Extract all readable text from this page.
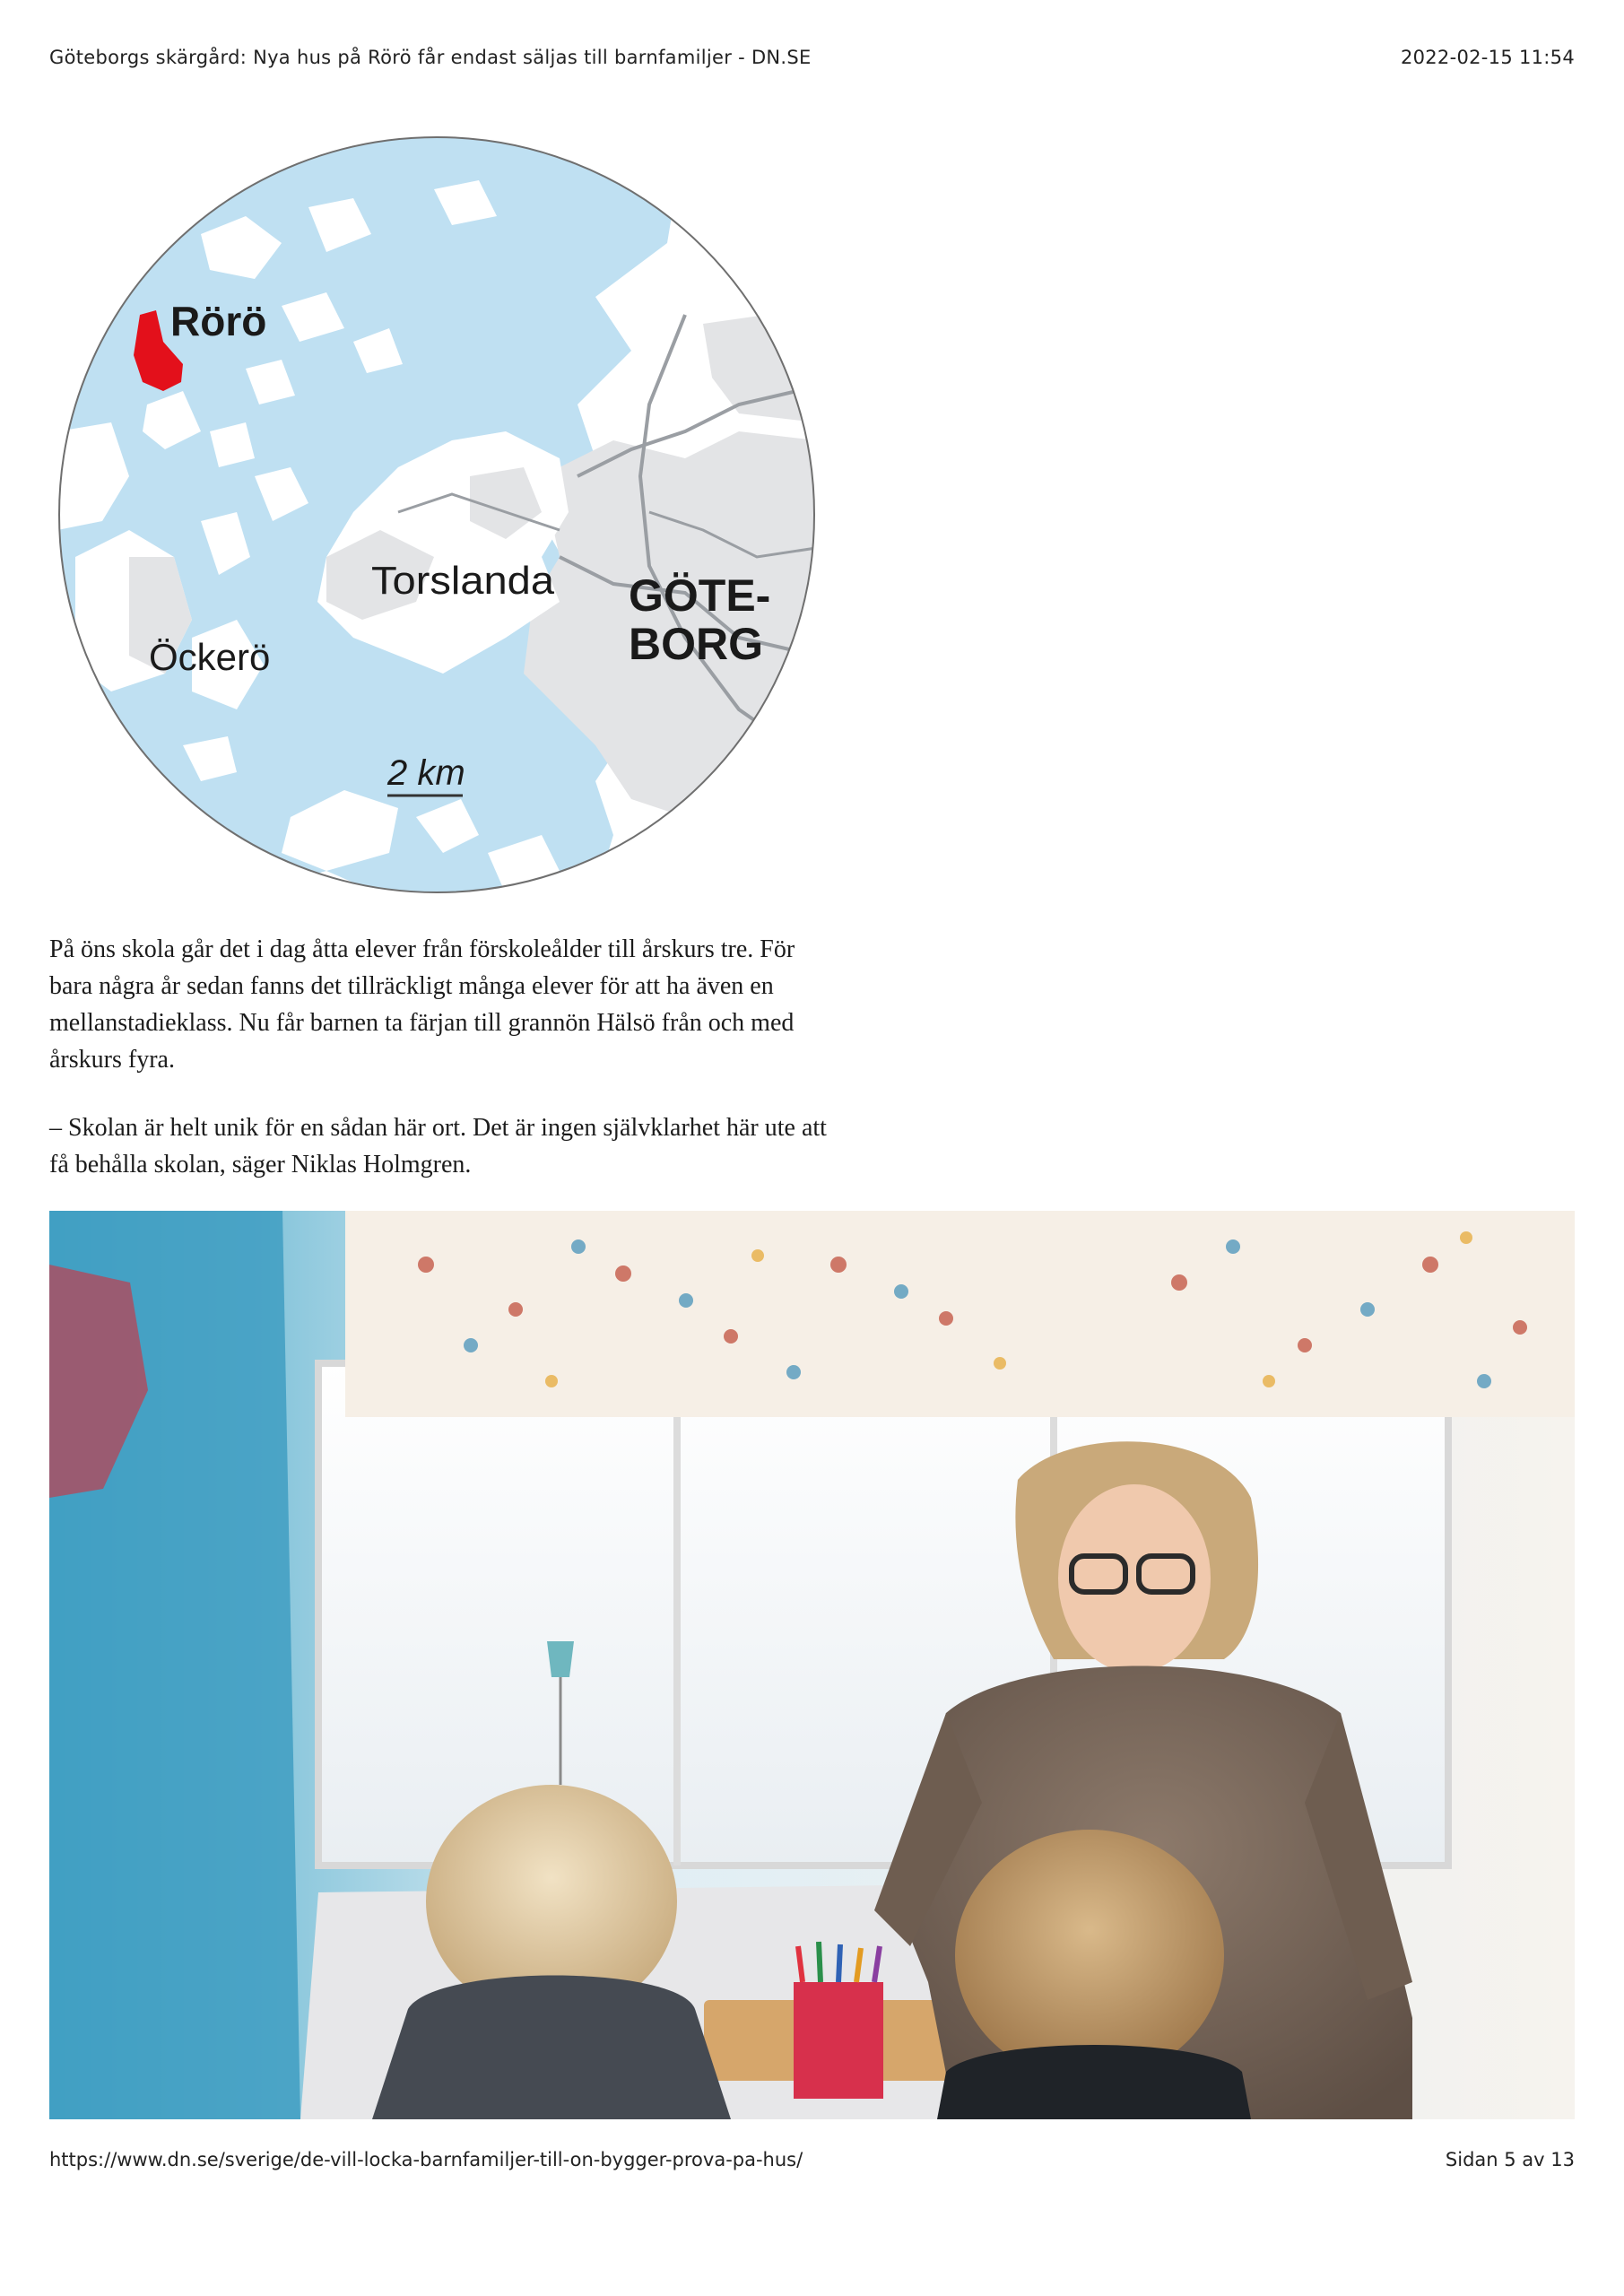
Göteborgs skärgård: Nya hus på Rörö får endast säljas till barnfamiljer - DN.SE	2022-02-15 11:54
Rörö
Torslanda GÖTE-
BORG
Öckerö
2 km

På öns skola går det i dag åtta elever från förskoleålder till årskurs tre. För bara några år sedan fanns det tillräckligt många elever för att ha även en mellanstadieklass. Nu får barnen ta färjan till grannön Hälsö från och med årskurs fyra.

– Skolan är helt unik för en sådan här ort. Det är ingen självklarhet här ute att få behålla skolan, säger Niklas Holmgren.

https://www.dn.se/sverige/de-vill-locka-barnfamiljer-till-on-bygger-prova-pa-hus/	Sidan 5 av 13
